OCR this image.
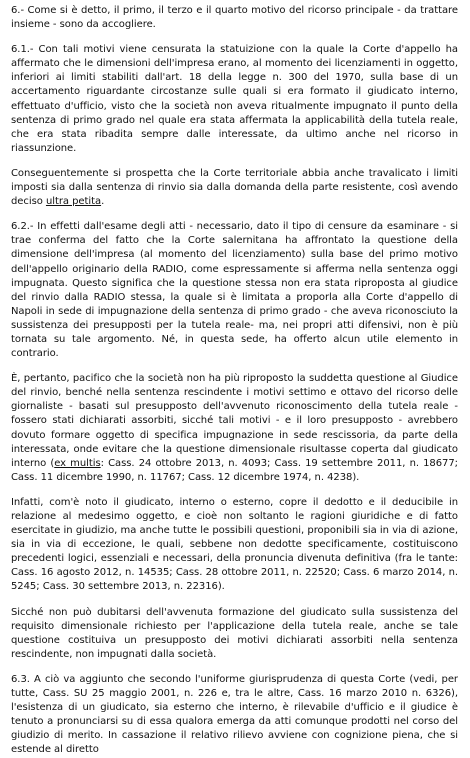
6.- Come si è detto, il primo, il terzo e il quarto motivo del ricorso principale - da trattare insieme - sono da accogliere.

6.1.- Con tali motivi viene censurata la statuizione con la quale la Corte d'appello ha affermato che le dimensioni dell'impresa erano, al momento dei licenziamenti in oggetto, inferiori ai limiti stabiliti dall'art. 18 della legge n. 300 del 1970, sulla base di un accertamento riguardante circostanze sulle quali si era formato il giudicato interno, effettuato d'ufficio, visto che la società non aveva ritualmente impugnato il punto della sentenza di primo grado nel quale era stata affermata la applicabilità della tutela reale, che era stata ribadita sempre dalle interessate, da ultimo anche nel ricorso in riassunzione.

Conseguentemente si prospetta che la Corte territoriale abbia anche travalicato i limiti imposti sia dalla sentenza di rinvio sia dalla domanda della parte resistente, così avendo deciso ultra petita.

6.2.- In effetti dall'esame degli atti - necessario, dato il tipo di censure da esaminare - si trae conferma del fatto che la Corte salernitana ha affrontato la questione della dimensione dell'impresa (al momento del licenziamento) sulla base del primo motivo dell'appello originario della RADIO, come espressamente si afferma nella sentenza oggi impugnata. Questo significa che la questione stessa non era stata riproposta al giudice del rinvio dalla RADIO stessa, la quale si è limitata a proporla alla Corte d'appello di Napoli in sede di impugnazione della sentenza di primo grado - che aveva riconosciuto la sussistenza dei presupposti per la tutela reale- ma, nei propri atti difensivi, non è più tornata su tale argomento. Né, in questa sede, ha offerto alcun utile elemento in contrario.

È, pertanto, pacifico che la società non ha più riproposto la suddetta questione al Giudice del rinvio, benché nella sentenza rescindente i motivi settimo e ottavo del ricorso delle giornaliste - basati sul presupposto dell'avvenuto riconoscimento della tutela reale - fossero stati dichiarati assorbiti, sicché tali motivi - e il loro presupposto - avrebbero dovuto formare oggetto di specifica impugnazione in sede rescissoria, da parte della interessata, onde evitare che la questione dimensionale risultasse coperta dal giudicato interno (ex multis: Cass. 24 ottobre 2013, n. 4093; Cass. 19 settembre 2011, n. 18677; Cass. 11 dicembre 1990, n. 11767; Cass. 12 dicembre 1974, n. 4238).

Infatti, com'è noto il giudicato, interno o esterno, copre il dedotto e il deducibile in relazione al medesimo oggetto, e cioè non soltanto le ragioni giuridiche e di fatto esercitate in giudizio, ma anche tutte le possibili questioni, proponibili sia in via di azione, sia in via di eccezione, le quali, sebbene non dedotte specificamente, costituiscono precedenti logici, essenziali e necessari, della pronuncia divenuta definitiva (fra le tante: Cass. 16 agosto 2012, n. 14535; Cass. 28 ottobre 2011, n. 22520; Cass. 6 marzo 2014, n. 5245; Cass. 30 settembre 2013, n. 22316).

Sicché non può dubitarsi dell'avvenuta formazione del giudicato sulla sussistenza del requisito dimensionale richiesto per l'applicazione della tutela reale, anche se tale questione costituiva un presupposto dei motivi dichiarati assorbiti nella sentenza rescindente, non impugnati dalla società.

6.3. A ciò va aggiunto che secondo l'uniforme giurisprudenza di questa Corte (vedi, per tutte, Cass. SU 25 maggio 2001, n. 226 e, tra le altre, Cass. 16 marzo 2010 n. 6326), l'esistenza di un giudicato, sia esterno che interno, è rilevabile d'ufficio e il giudice è tenuto a pronunciarsi su di essa qualora emerga da atti comunque prodotti nel corso del giudizio di merito. In cassazione il relativo rilievo avviene con cognizione piena, che si estende al diretto
